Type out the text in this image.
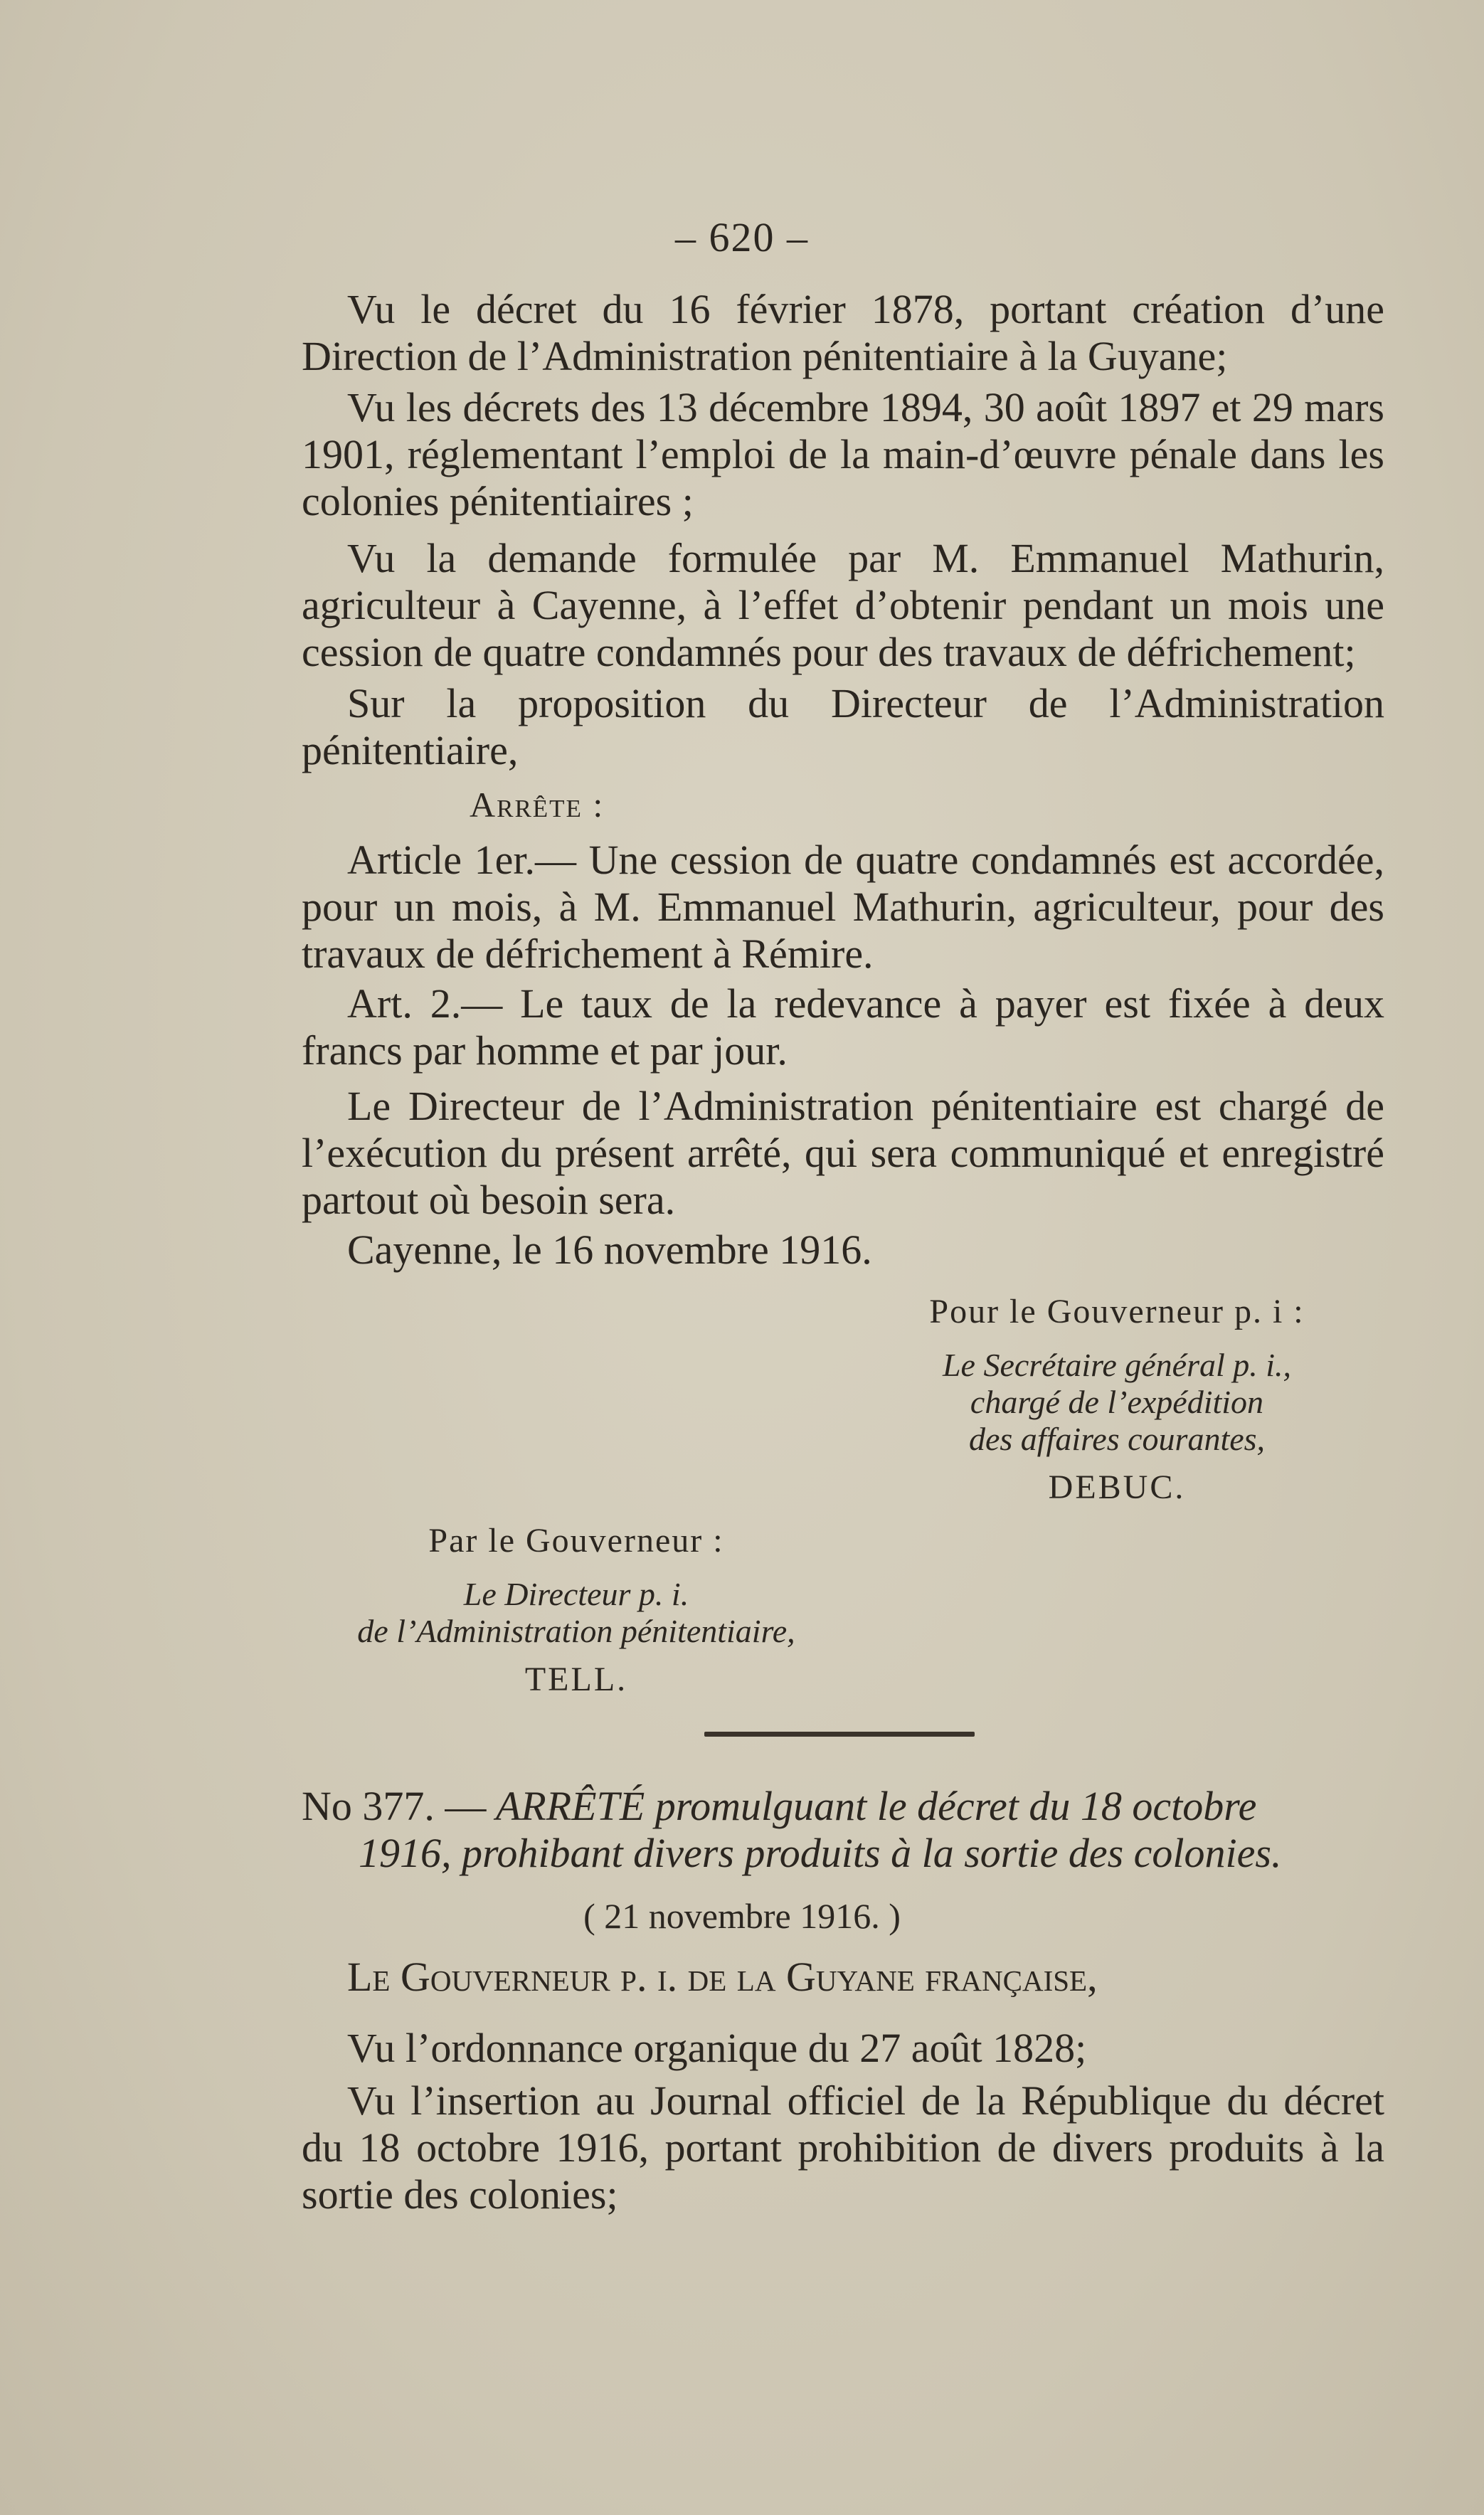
– 620 –

Vu le décret du 16 février 1878, portant création d’une Direction de l’Administration pénitentiaire à la Guyane;

Vu les décrets des 13 décembre 1894, 30 août 1897 et 29 mars 1901, réglementant l’emploi de la main-d’œuvre pénale dans les colonies pénitentiaires ;

Vu la demande formulée par M. Emmanuel Mathurin, agriculteur à Cayenne, à l’effet d’obtenir pendant un mois une cession de quatre condamnés pour des travaux de défrichement;

Sur la proposition du Directeur de l’Administration pénitentiaire,

Arrête :

Article 1er.— Une cession de quatre condamnés est accordée, pour un mois, à M. Emmanuel Mathurin, agriculteur, pour des travaux de défrichement à Rémire.

Art. 2.— Le taux de la redevance à payer est fixée à deux francs par homme et par jour.

Le Directeur de l’Administration pénitentiaire est chargé de l’exécution du présent arrêté, qui sera communiqué et enregistré partout où besoin sera.

Cayenne, le 16 novembre 1916.

Pour le Gouverneur p. i :
Le Secrétaire général p. i.,
chargé de l’expédition
des affaires courantes,
DEBUC.
Par le Gouverneur :
Le Directeur p. i.
de l’Administration pénitentiaire,
TELL.
No 377. — ARRÊTÉ promulguant le décret du 18 octobre
1916, prohibant divers produits à la sortie des colonies.
( 21 novembre 1916. )

Le Gouverneur p. i. de la Guyane française,

Vu l’ordonnance organique du 27 août 1828;

Vu l’insertion au Journal officiel de la République du décret du 18 octobre 1916, portant prohibition de divers produits à la sortie des colonies;
